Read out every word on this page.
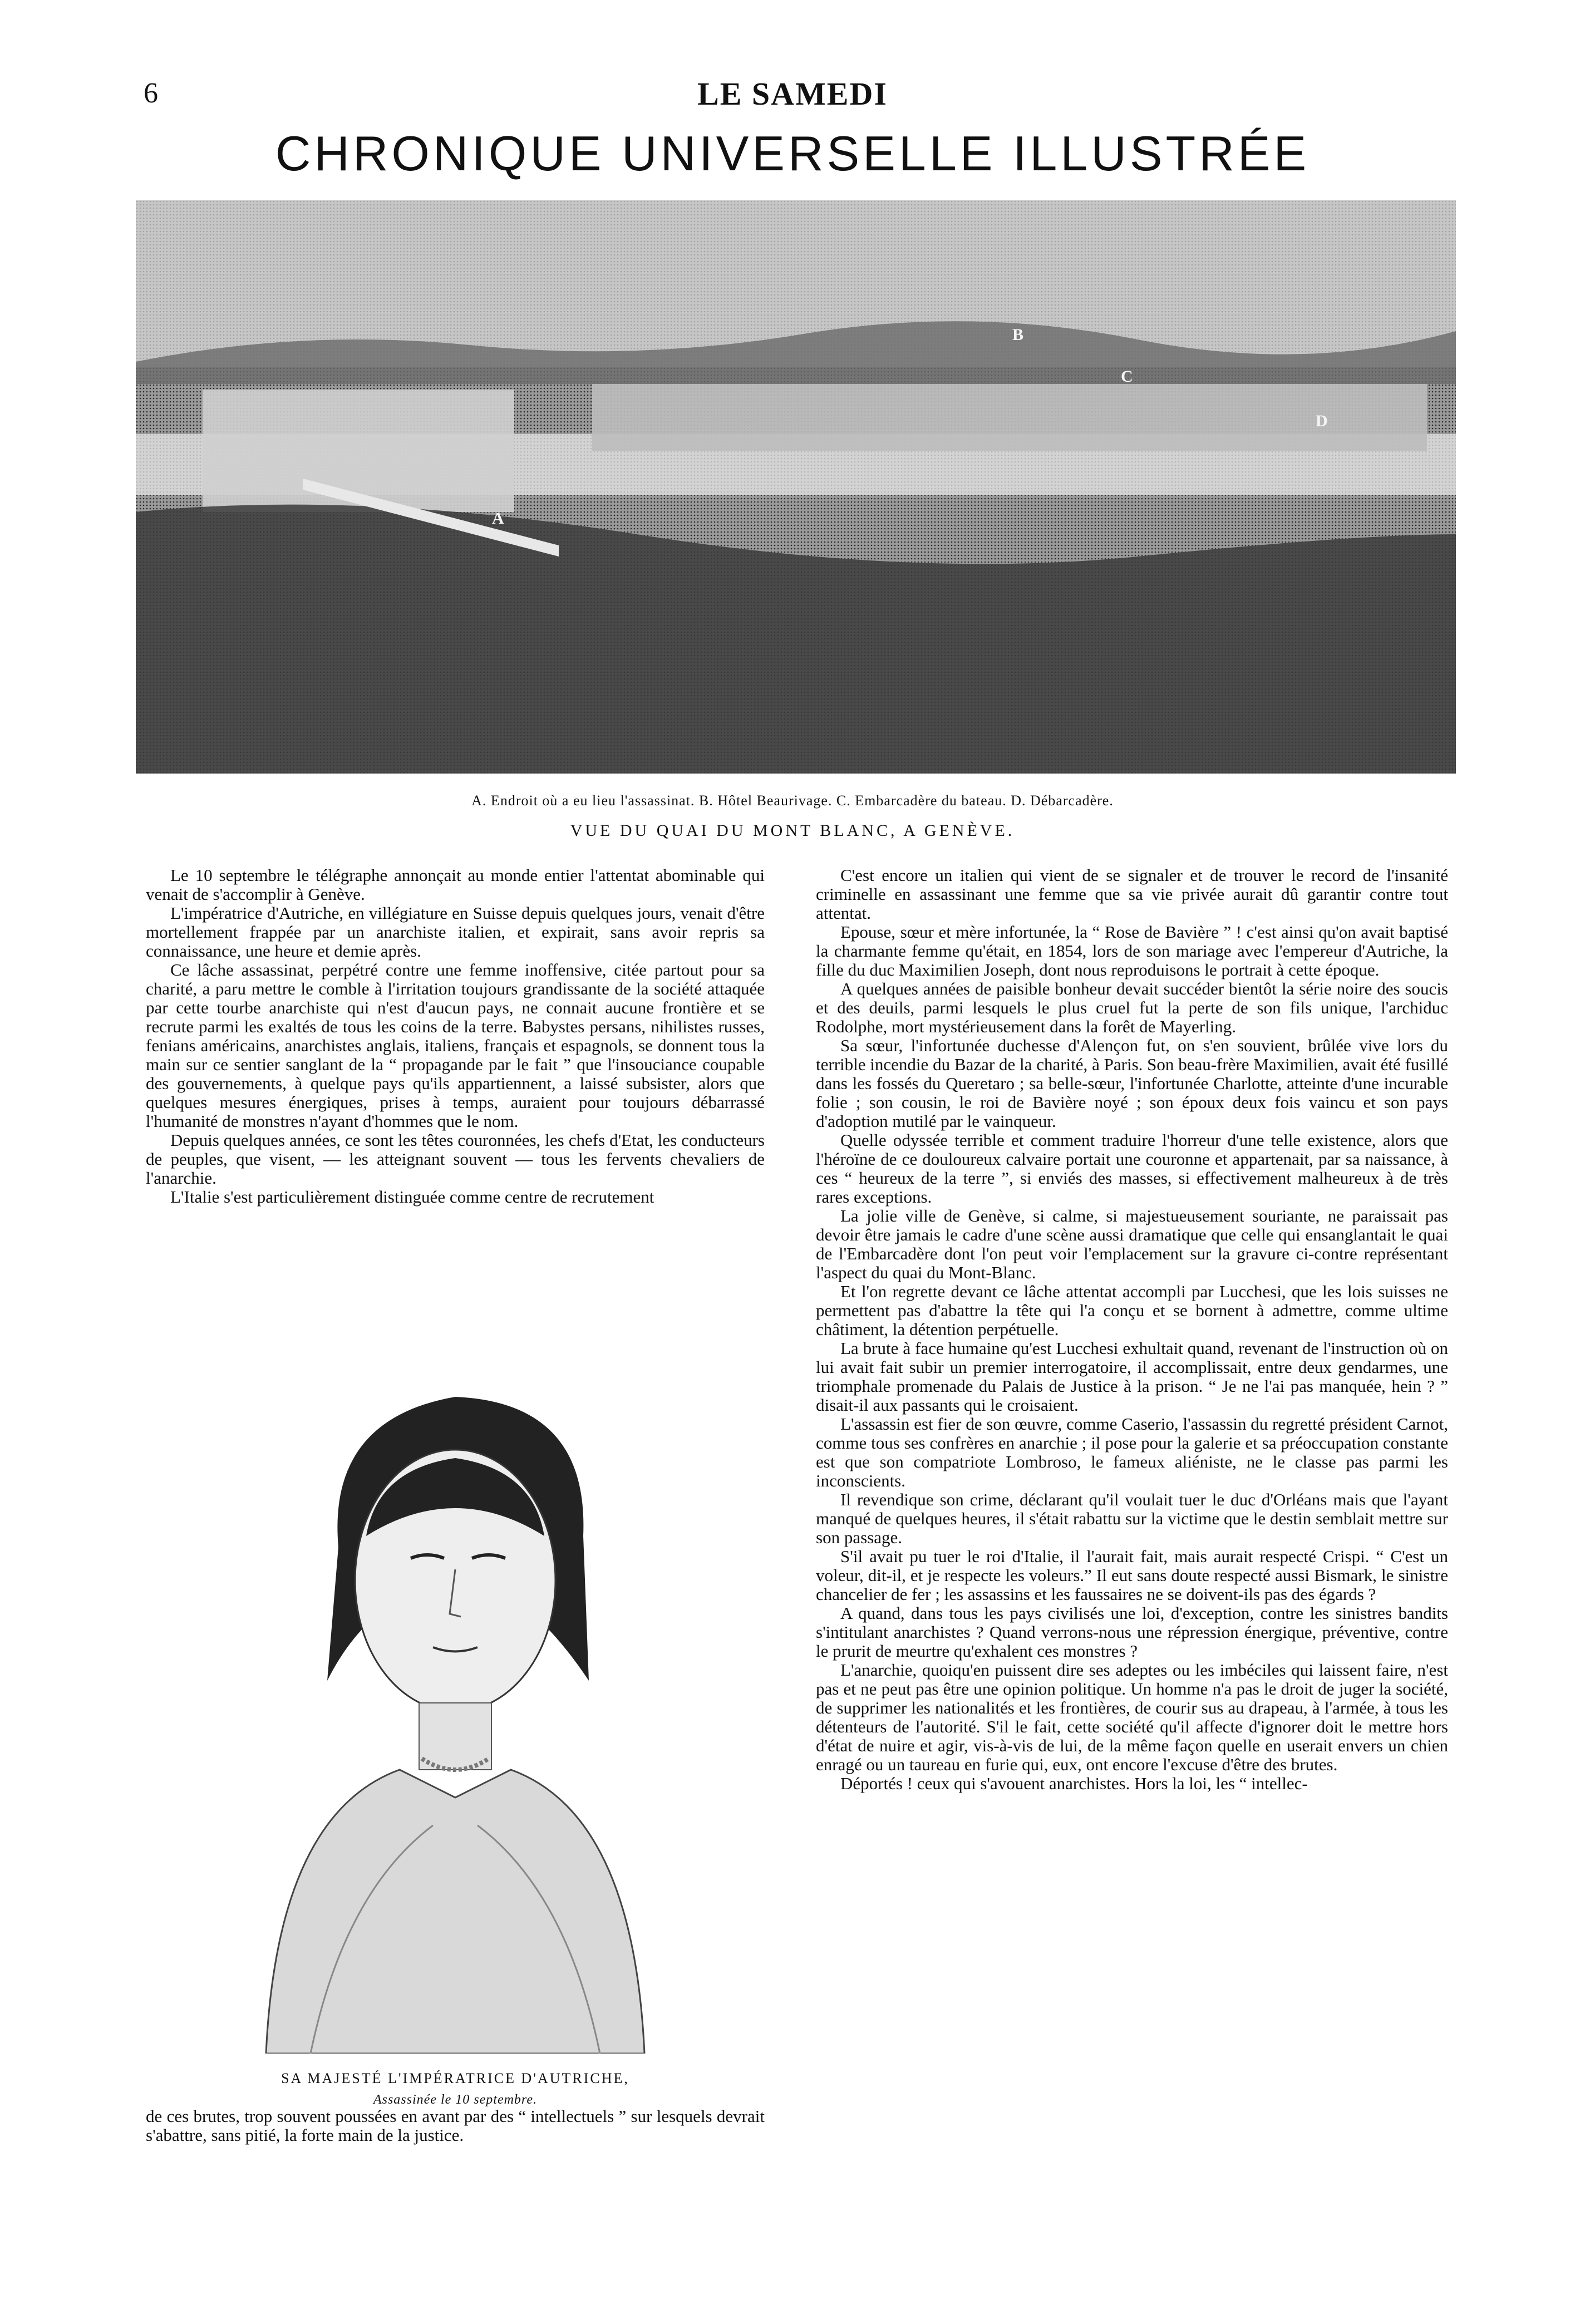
6	LE SAMEDI
CHRONIQUE UNIVERSELLE ILLUSTRÉE
B
C
D
A
A. Endroit où a eu lieu l'assassinat. B. Hôtel Beaurivage. C. Embarcadère du bateau. D. Débarcadère.
VUE DU QUAI DU MONT BLANC, A GENÈVE.

Le 10 septembre le télégraphe annonçait au monde entier l'attentat abominable qui venait de s'accomplir à Genève.

L'impératrice d'Autriche, en villégiature en Suisse depuis quelques jours, venait d'être mortellement frappée par un anarchiste italien, et expirait, sans avoir repris sa connaissance, une heure et demie après.

Ce lâche assassinat, perpétré contre une femme inoffensive, citée partout pour sa charité, a paru mettre le comble à l'irritation toujours grandissante de la société attaquée par cette tourbe anarchiste qui n'est d'aucun pays, ne connait aucune frontière et se recrute parmi les exaltés de tous les coins de la terre. Babystes persans, nihilistes russes, fenians américains, anarchistes anglais, italiens, français et espagnols, se donnent tous la main sur ce sentier sanglant de la “ propagande par le fait ” que l'insouciance coupable des gouvernements, à quelque pays qu'ils appartiennent, a laissé subsister, alors que quelques mesures énergiques, prises à temps, auraient pour toujours débarrassé l'humanité de monstres n'ayant d'hommes que le nom.

Depuis quelques années, ce sont les têtes couronnées, les chefs d'Etat, les conducteurs de peuples, que visent, — les atteignant souvent — tous les fervents chevaliers de l'anarchie.

L'Italie s'est particulièrement distinguée comme centre de recrutement

SA MAJESTÉ L'IMPÉRATRICE D'AUTRICHE,
Assassinée le 10 septembre.

de ces brutes, trop souvent poussées en avant par des “ intellectuels ” sur lesquels devrait s'abattre, sans pitié, la forte main de la justice.

C'est encore un italien qui vient de se signaler et de trouver le record de l'insanité criminelle en assassinant une femme que sa vie privée aurait dû garantir contre tout attentat.

Epouse, sœur et mère infortunée, la “ Rose de Bavière ” ! c'est ainsi qu'on avait baptisé la charmante femme qu'était, en 1854, lors de son mariage avec l'empereur d'Autriche, la fille du duc Maximilien Joseph, dont nous reproduisons le portrait à cette époque.

A quelques années de paisible bonheur devait succéder bientôt la série noire des soucis et des deuils, parmi lesquels le plus cruel fut la perte de son fils unique, l'archiduc Rodolphe, mort mystérieusement dans la forêt de Mayerling.

Sa sœur, l'infortunée duchesse d'Alençon fut, on s'en souvient, brûlée vive lors du terrible incendie du Bazar de la charité, à Paris. Son beau-frère Maximilien, avait été fusillé dans les fossés du Queretaro ; sa belle-sœur, l'infortunée Charlotte, atteinte d'une incurable folie ; son cousin, le roi de Bavière noyé ; son époux deux fois vaincu et son pays d'adoption mutilé par le vainqueur.

Quelle odyssée terrible et comment traduire l'horreur d'une telle existence, alors que l'héroïne de ce douloureux calvaire portait une couronne et appartenait, par sa naissance, à ces “ heureux de la terre ”, si enviés des masses, si effectivement malheureux à de très rares exceptions.

La jolie ville de Genève, si calme, si majestueusement souriante, ne paraissait pas devoir être jamais le cadre d'une scène aussi dramatique que celle qui ensanglantait le quai de l'Embarcadère dont l'on peut voir l'emplacement sur la gravure ci-contre représentant l'aspect du quai du Mont-Blanc.

Et l'on regrette devant ce lâche attentat accompli par Lucchesi, que les lois suisses ne permettent pas d'abattre la tête qui l'a conçu et se bornent à admettre, comme ultime châtiment, la détention perpétuelle.

La brute à face humaine qu'est Lucchesi exhultait quand, revenant de l'instruction où on lui avait fait subir un premier interrogatoire, il accomplissait, entre deux gendarmes, une triomphale promenade du Palais de Justice à la prison. “ Je ne l'ai pas manquée, hein ? ” disait-il aux passants qui le croisaient.

L'assassin est fier de son œuvre, comme Caserio, l'assassin du regretté président Carnot, comme tous ses confrères en anarchie ; il pose pour la galerie et sa préoccupation constante est que son compatriote Lombroso, le fameux aliéniste, ne le classe pas parmi les inconscients.

Il revendique son crime, déclarant qu'il voulait tuer le duc d'Orléans mais que l'ayant manqué de quelques heures, il s'était rabattu sur la victime que le destin semblait mettre sur son passage.

S'il avait pu tuer le roi d'Italie, il l'aurait fait, mais aurait respecté Crispi. “ C'est un voleur, dit-il, et je respecte les voleurs.” Il eut sans doute respecté aussi Bismark, le sinistre chancelier de fer ; les assassins et les faussaires ne se doivent-ils pas des égards ?

A quand, dans tous les pays civilisés une loi, d'exception, contre les sinistres bandits s'intitulant anarchistes ? Quand verrons-nous une répression énergique, préventive, contre le prurit de meurtre qu'exhalent ces monstres ?

L'anarchie, quoiqu'en puissent dire ses adeptes ou les imbéciles qui laissent faire, n'est pas et ne peut pas être une opinion politique. Un homme n'a pas le droit de juger la société, de supprimer les nationalités et les frontières, de courir sus au drapeau, à l'armée, à tous les détenteurs de l'autorité. S'il le fait, cette société qu'il affecte d'ignorer doit le mettre hors d'état de nuire et agir, vis-à-vis de lui, de la même façon quelle en userait envers un chien enragé ou un taureau en furie qui, eux, ont encore l'excuse d'être des brutes.

Déportés ! ceux qui s'avouent anarchistes. Hors la loi, les “ intellec-
